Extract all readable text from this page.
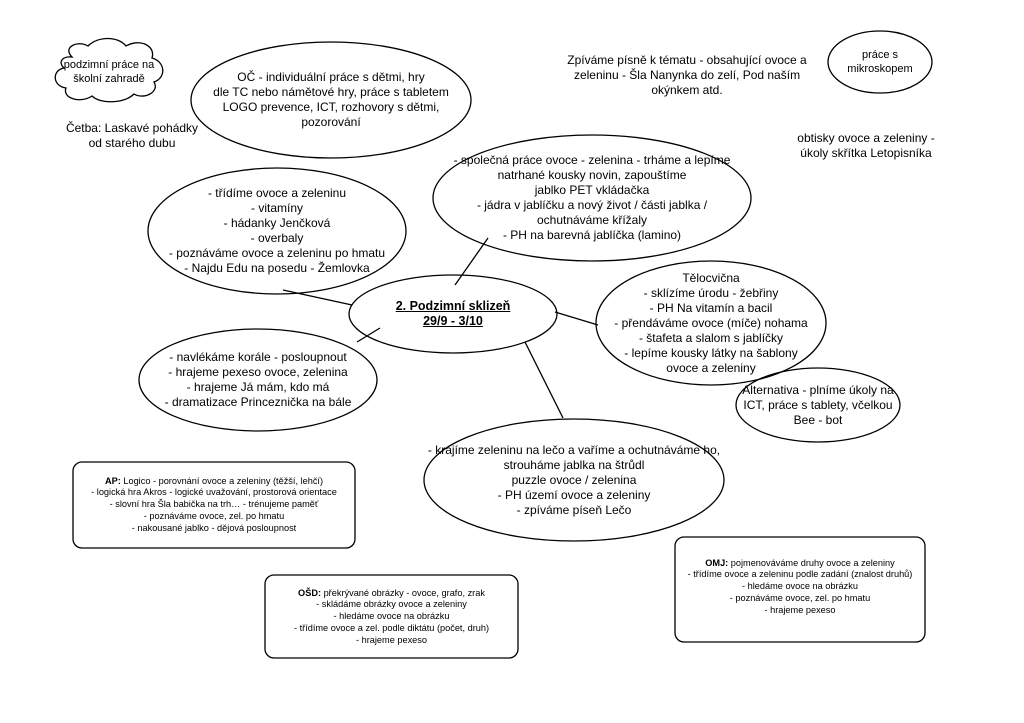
podzimní práce na
školní zahradě	OČ - individuální práce s dětmi, hry
dle TC nebo námětové hry, práce s tabletem
LOGO prevence, ICT, rozhovory s dětmi,
pozorování
Četba: Laskavé pohádky
od starého dubu
Zpíváme písně k tématu - obsahující ovoce a
zeleninu - Šla Nanynka do zelí, Pod naším
okýnkem atd.
práce s
mikroskopem
obtisky ovoce a zeleniny -
úkoly skřítka Letopisníka
- třídíme ovoce a zeleninu
- vitamíny
- hádanky Jenčková
- overbaly
- poznáváme ovoce a zeleninu po hmatu
- Najdu Edu na posedu - Žemlovka
- společná práce ovoce - zelenina - trháme a lepíme
natrhané kousky novin, zapouštíme
jablko PET vkládačka
- jádra v jablíčku a nový život / části jablka /
ochutnáváme křížaly
- PH na barevná jablíčka (lamino)
2. Podzimní sklizeň
29/9 - 3/10
Tělocvična
- sklízíme úrodu - žebřiny
- PH Na vitamín a bacil
- přendáváme ovoce (míče) nohama
- štafeta a slalom s jablíčky
- lepíme kousky látky na šablony
ovoce a zeleniny
Alternativa - plníme úkoly na
ICT, práce s tablety, včelkou
Bee - bot
- navlékáme korále - posloupnout
- hrajeme pexeso ovoce, zelenina
- hrajeme Já mám, kdo má
- dramatizace Princeznička na bále
- krájíme zeleninu na lečo a vaříme a ochutnáváme ho,
strouháme jablka na štrůdl
puzzle ovoce / zelenina
- PH území ovoce a zeleniny
- zpíváme píseň Lečo
AP: Logico - porovnání ovoce a zeleniny (těžší, lehčí)
- logická hra Akros - logické uvažování, prostorová orientace
- slovní hra Šla babička na trh… - trénujeme paměť
- poznáváme ovoce, zel. po hmatu
- nakousané jablko - dějová posloupnost
OŠD: překrývané obrázky - ovoce, grafo, zrak
- skládáme obrázky ovoce a zeleniny
- hledáme ovoce na obrázku
- třídíme ovoce a zel. podle diktátu (počet, druh)
- hrajeme pexeso
OMJ: pojmenováváme druhy ovoce a zeleniny
- třídíme ovoce a zeleninu podle zadání (znalost druhů)
- hledáme ovoce na obrázku
- poznáváme ovoce, zel. po hmatu
- hrajeme pexeso
